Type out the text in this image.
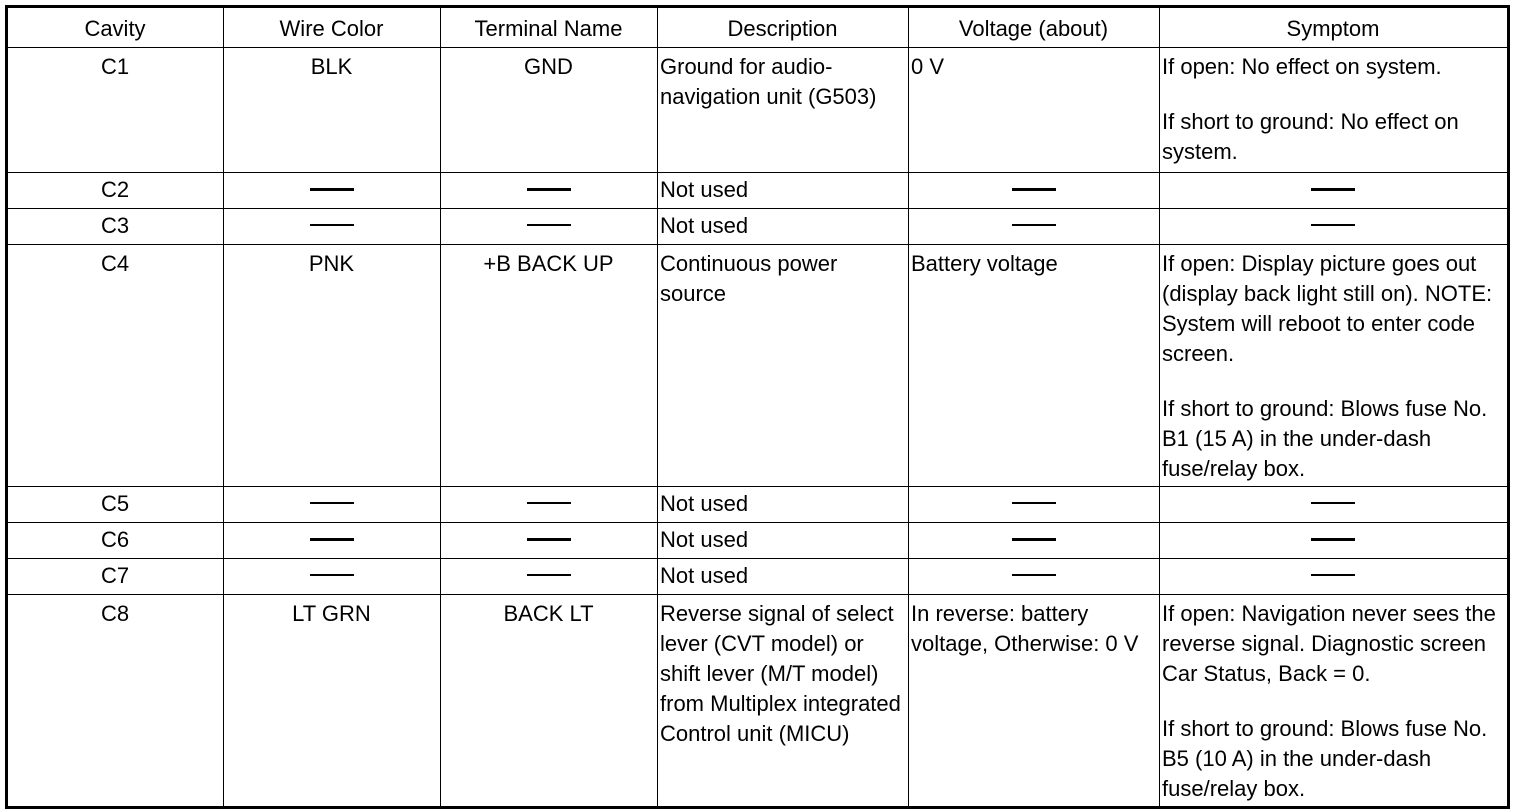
Cavity	Wire Color	Terminal Name	Description	Voltage (about)	Symptom
C1	BLK	GND	Ground for audio-navigation unit (G503)	0 V	If open: No effect on system.

If short to ground: No effect on system.

C2			Not used		
C3			Not used		
C4	PNK	+B BACK UP	Continuous power source	Battery voltage	If open: Display picture goes out (display back light still on). NOTE: System will reboot to enter code screen.

If short to ground: Blows fuse No. B1 (15 A) in the under-dash fuse/relay box.

C5			Not used		
C6			Not used		
C7			Not used		
C8	LT GRN	BACK LT	Reverse signal of select lever (CVT model) or shift lever (M/T model) from Multiplex integrated Control unit (MICU)	In reverse: battery voltage, Otherwise: 0 V	If open: Navigation never sees the reverse signal. Diagnostic screen Car Status, Back = 0.

If short to ground: Blows fuse No. B5 (10 A) in the under-dash fuse/relay box.
